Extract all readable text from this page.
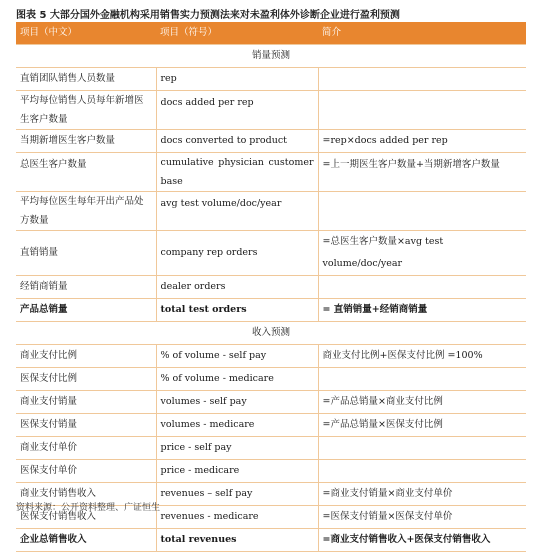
图表 5 大部分国外金融机构采用销售实力预测法来对未盈利体外诊断企业进行盈利预测
项目（中文）	项目（符号）	简介
销量预测		
直销团队销售人员数量	rep	
平均每位销售人员每年新增医生客户数量	docs added per rep	
当期新增医生客户数量	docs converted to product	=rep×docs added per rep
总医生客户数量	cumulative physician customer base	=上一期医生客户数量+当期新增客户数量
平均每位医生每年开出产品处方数量	avg test volume/doc/year	
直销销量	company rep orders	=总医生客户数量×avg test volume/doc/year
经销商销量	dealer orders	
产品总销量	total test orders	= 直销销量+经销商销量
收入预测		
商业支付比例	% of volume - self pay	商业支付比例+医保支付比例 =100%
医保支付比例	% of volume - medicare	
商业支付销量	volumes - self pay	=产品总销量×商业支付比例
医保支付销量	volumes - medicare	=产品总销量×医保支付比例
商业支付单价	price - self pay	
医保支付单价	price - medicare	
商业支付销售收入	revenues – self pay	=商业支付销量×商业支付单价
医保支付销售收入	revenues - medicare	=医保支付销量×医保支付单价
企业总销售收入	total revenues	=商业支付销售收入+医保支付销售收入
资料来源：公开资料整理、广证恒生
